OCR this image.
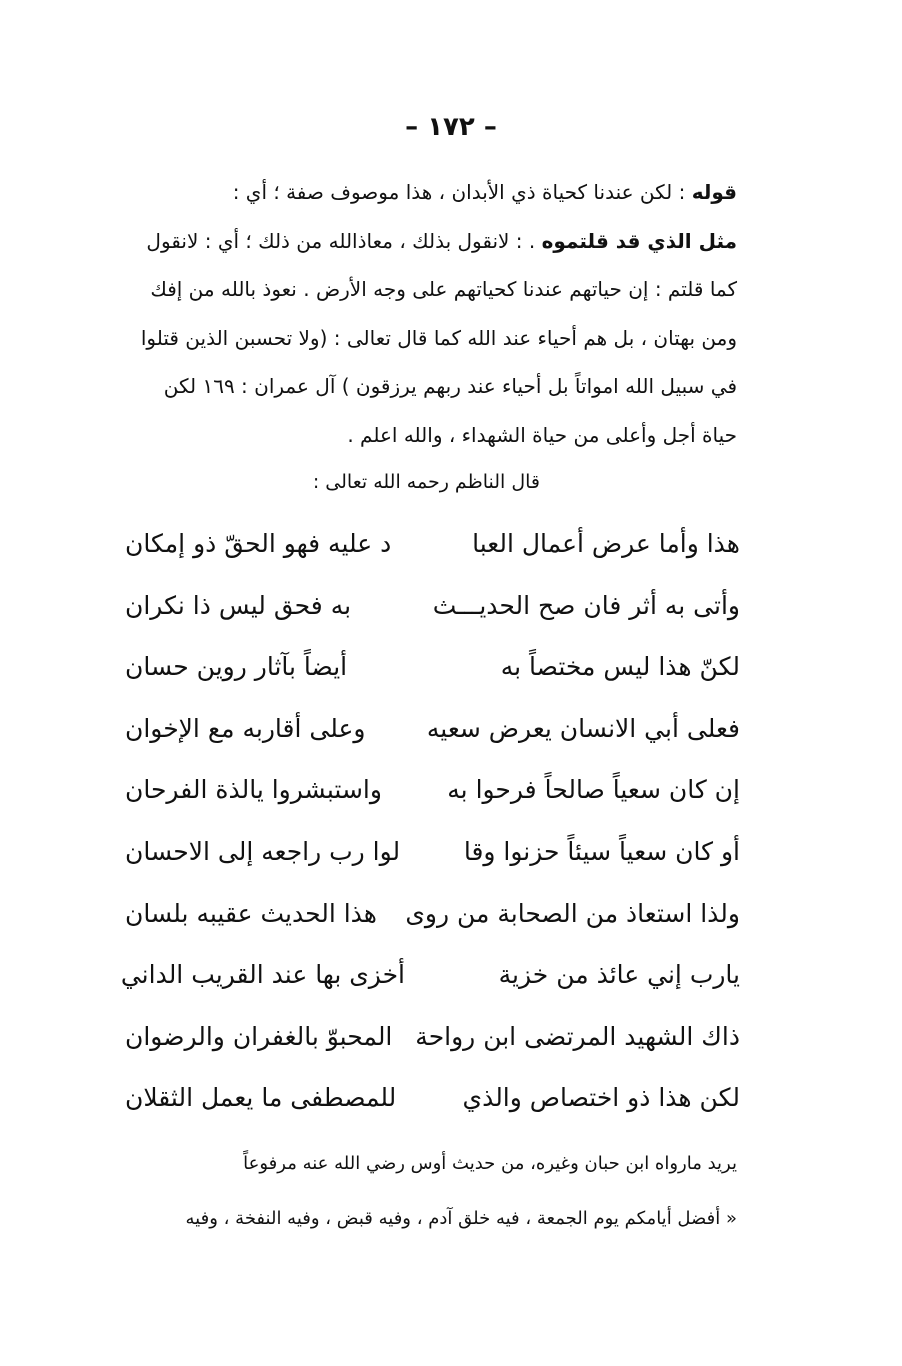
– ١٧٢ –

قوله : لكن عندنا كحياة ذي الأبدان ، هذا موصوف صفة ؛ أي :

مثل الذي قد قلتموه . : لانقول بذلك ، معاذالله من ذلك ؛ أي : لانقول

كما قلتم : إن حياتهم عندنا كحياتهم على وجه الأرض . نعوذ بالله من إفك

ومن بهتان ، بل هم أحياء عند الله كما قال تعالى : (ولا تحسبن الذين قتلوا

في سبيل الله امواتاً بل أحياء عند ربهم يرزقون ) آل عمران : ١٦٩ لكن

حياة أجل وأعلى من حياة الشهداء ، والله اعلم .

قال الناظم رحمه الله تعالى :
هذا وأما عرض أعمال العبا
د عليه فهو الحقّ ذو إمكان
وأتى به أثر فان صح الحديـــث
به فحق ليس ذا نكران
لكنّ هذا ليس مختصاً به
أيضاً بآثار روين حسان
فعلى أبي الانسان يعرض سعيه
وعلى أقاربه مع الإخوان
إن كان سعياً صالحاً فرحوا به
واستبشروا يالذة الفرحان
أو كان سعياً سيئاً حزنوا وقا
لوا رب راجعه إلى الاحسان
ولذا استعاذ من الصحابة من روى
هذا الحديث عقيبه بلسان
يارب إني عائذ من خزية
أخزى بها عند القريب الداني
ذاك الشهيد المرتضى ابن رواحة
المحبوّ بالغفران والرضوان
لكن هذا ذو اختصاص والذي
للمصطفى ما يعمل الثقلان

يريد مارواه ابن حبان وغيره، من حديث أوس رضي الله عنه مرفوعاً

« أفضل أيامكم يوم الجمعة ، فيه خلق آدم ، وفيه قبض ، وفيه النفخة ، وفيه
